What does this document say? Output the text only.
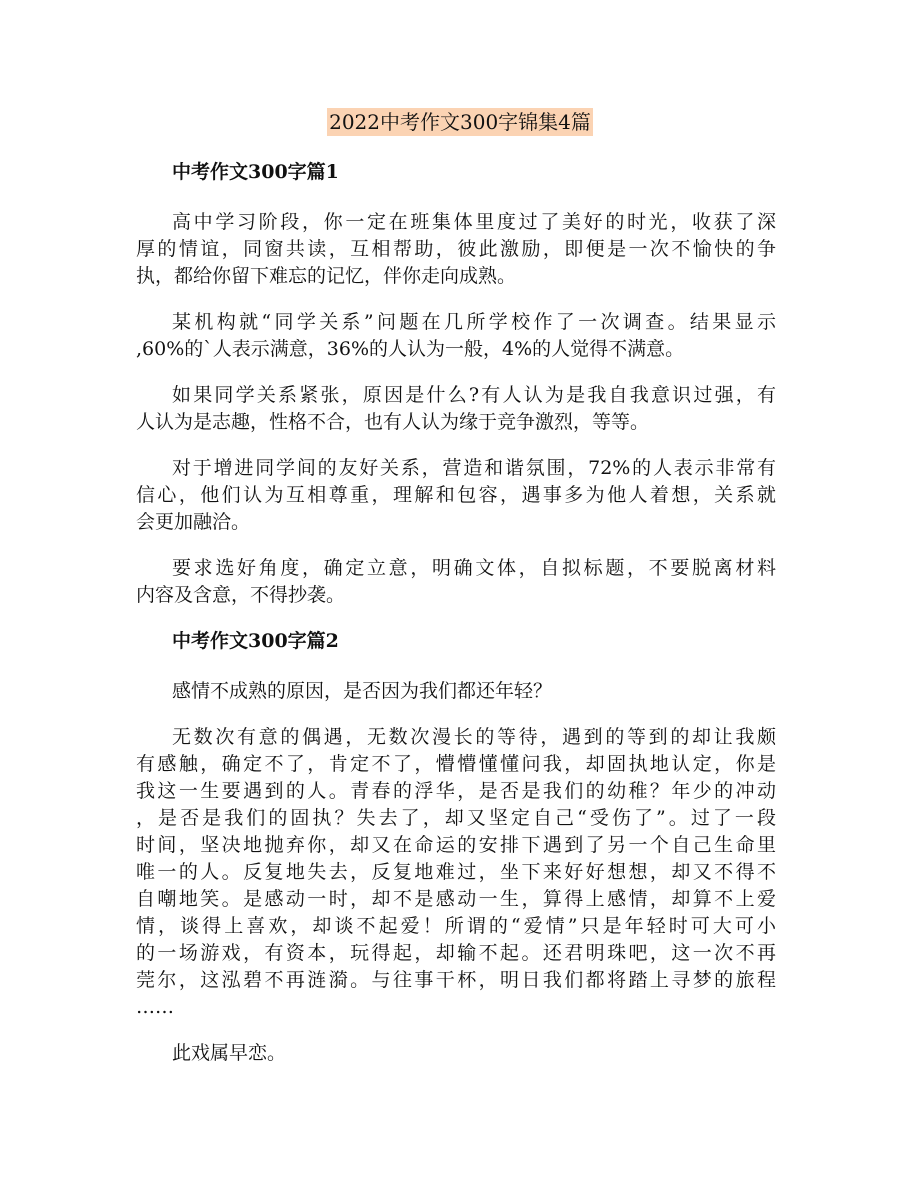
2022中考作文300字锦集4篇
中考作文300字篇1
高中学习阶段，你一定在班集体里度过了美好的时光，收获了深
厚的情谊，同窗共读，互相帮助，彼此激励，即便是一次不愉快的争
执，都给你留下难忘的记忆，伴你走向成熟。
某机构就“同学关系”问题在几所学校作了一次调查。结果显示
,60%的`人表示满意，36%的人认为一般，4%的人觉得不满意。
如果同学关系紧张，原因是什么?有人认为是我自我意识过强，有
人认为是志趣，性格不合，也有人认为缘于竞争激烈，等等。
对于增进同学间的友好关系，营造和谐氛围，72%的人表示非常有
信心，他们认为互相尊重，理解和包容，遇事多为他人着想，关系就
会更加融洽。
要求选好角度，确定立意，明确文体，自拟标题，不要脱离材料
内容及含意，不得抄袭。
中考作文300字篇2
感情不成熟的原因，是否因为我们都还年轻？
无数次有意的偶遇，无数次漫长的等待，遇到的等到的却让我颇
有感触，确定不了，肯定不了，懵懵懂懂问我，却固执地认定，你是
我这一生要遇到的人。青春的浮华，是否是我们的幼稚？年少的冲动
，是否是我们的固执？失去了，却又坚定自己“受伤了”。过了一段
时间，坚决地抛弃你，却又在命运的安排下遇到了另一个自己生命里
唯一的人。反复地失去，反复地难过，坐下来好好想想，却又不得不
自嘲地笑。是感动一时，却不是感动一生，算得上感情，却算不上爱
情，谈得上喜欢，却谈不起爱！所谓的“爱情”只是年轻时可大可小
的一场游戏，有资本，玩得起，却输不起。还君明珠吧，这一次不再
莞尔，这泓碧不再涟漪。与往事干杯，明日我们都将踏上寻梦的旅程
……
此戏属早恋。
